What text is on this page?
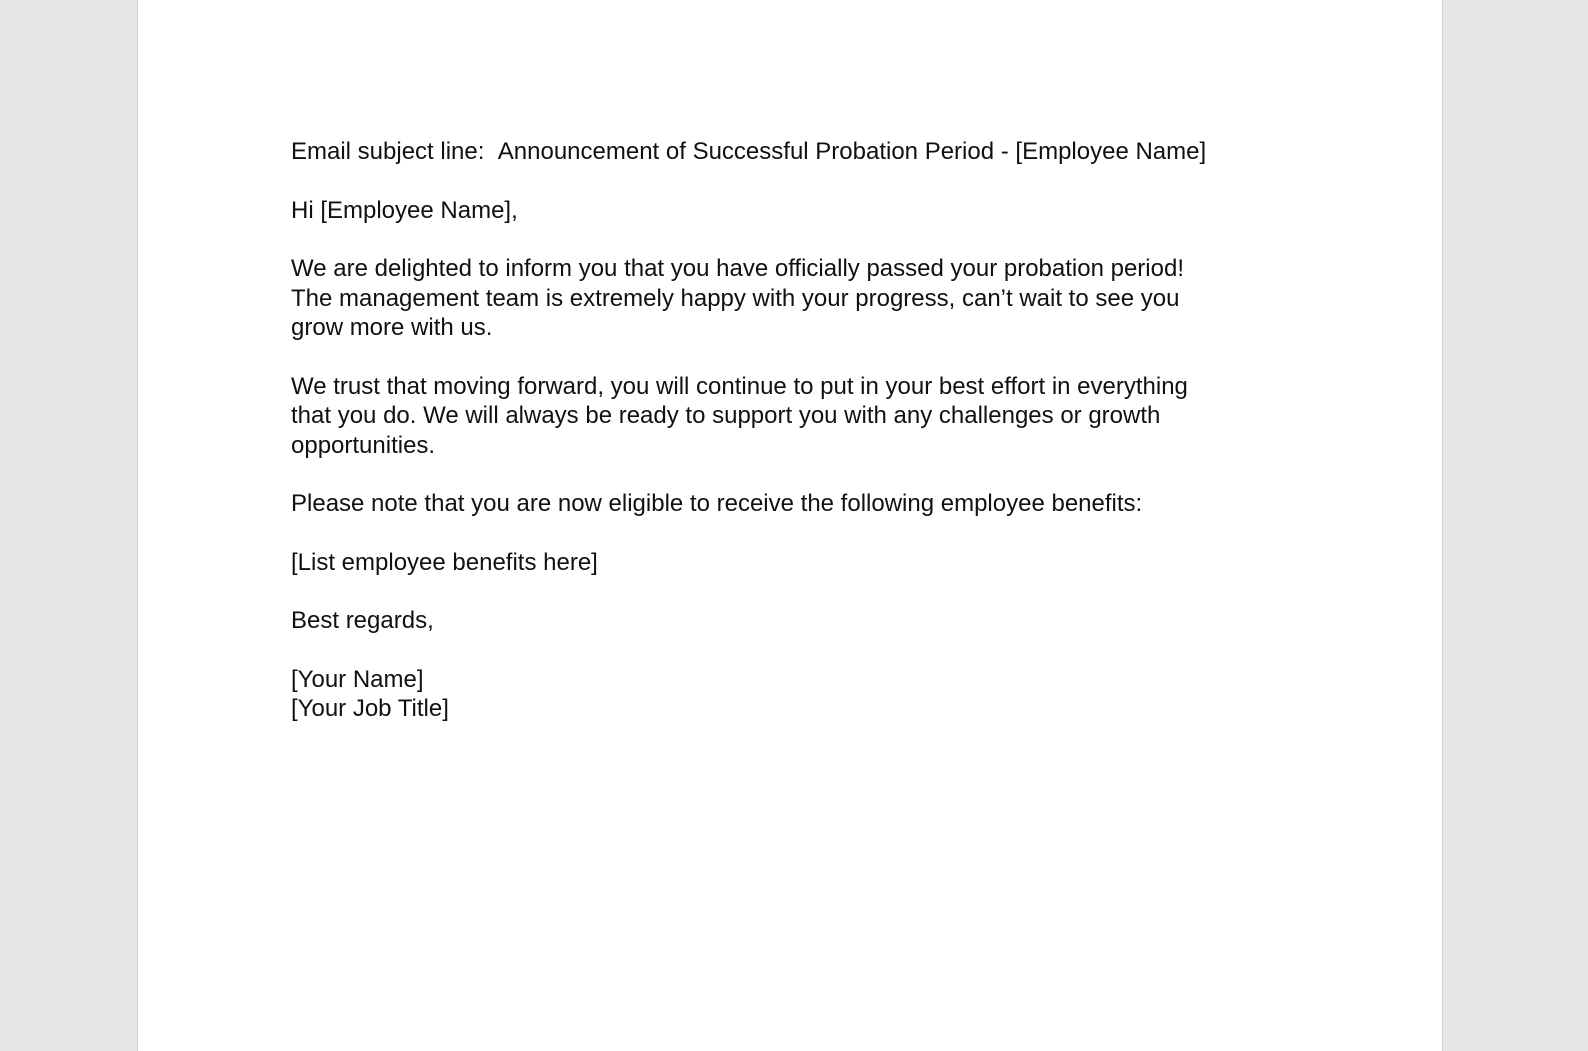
Email subject line: Announcement of Successful Probation Period - [Employee Name]

Hi [Employee Name],

We are delighted to inform you that you have officially passed your probation period!
The management team is extremely happy with your progress, can’t wait to see you
grow more with us.

We trust that moving forward, you will continue to put in your best effort in everything
that you do. We will always be ready to support you with any challenges or growth
opportunities.

Please note that you are now eligible to receive the following employee benefits:

[List employee benefits here]

Best regards,

[Your Name]
[Your Job Title]
